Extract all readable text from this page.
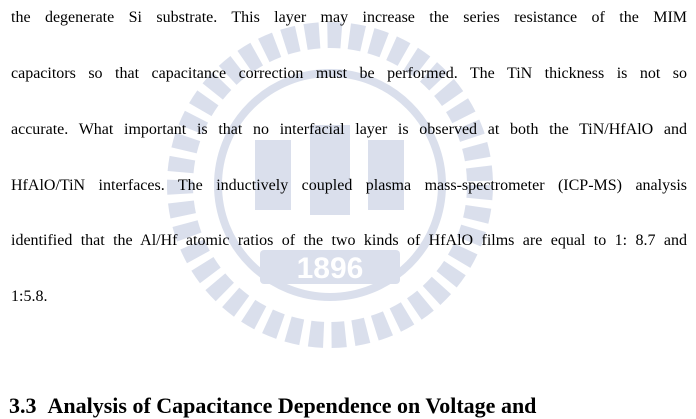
1896
the degenerate Si substrate. This layer may increase the series resistance of the MIM
capacitors so that capacitance correction must be performed. The TiN thickness is not so
accurate. What important is that no interfacial layer is observed at both the TiN/HfAlO and
HfAlO/TiN interfaces. The inductively coupled plasma mass-spectrometer (ICP-MS) analysis
identified that the Al/Hf atomic ratios of the two kinds of HfAlO films are equal to 1: 8.7 and
1:5.8.
3.3 Analysis of Capacitance Dependence on Voltage and
